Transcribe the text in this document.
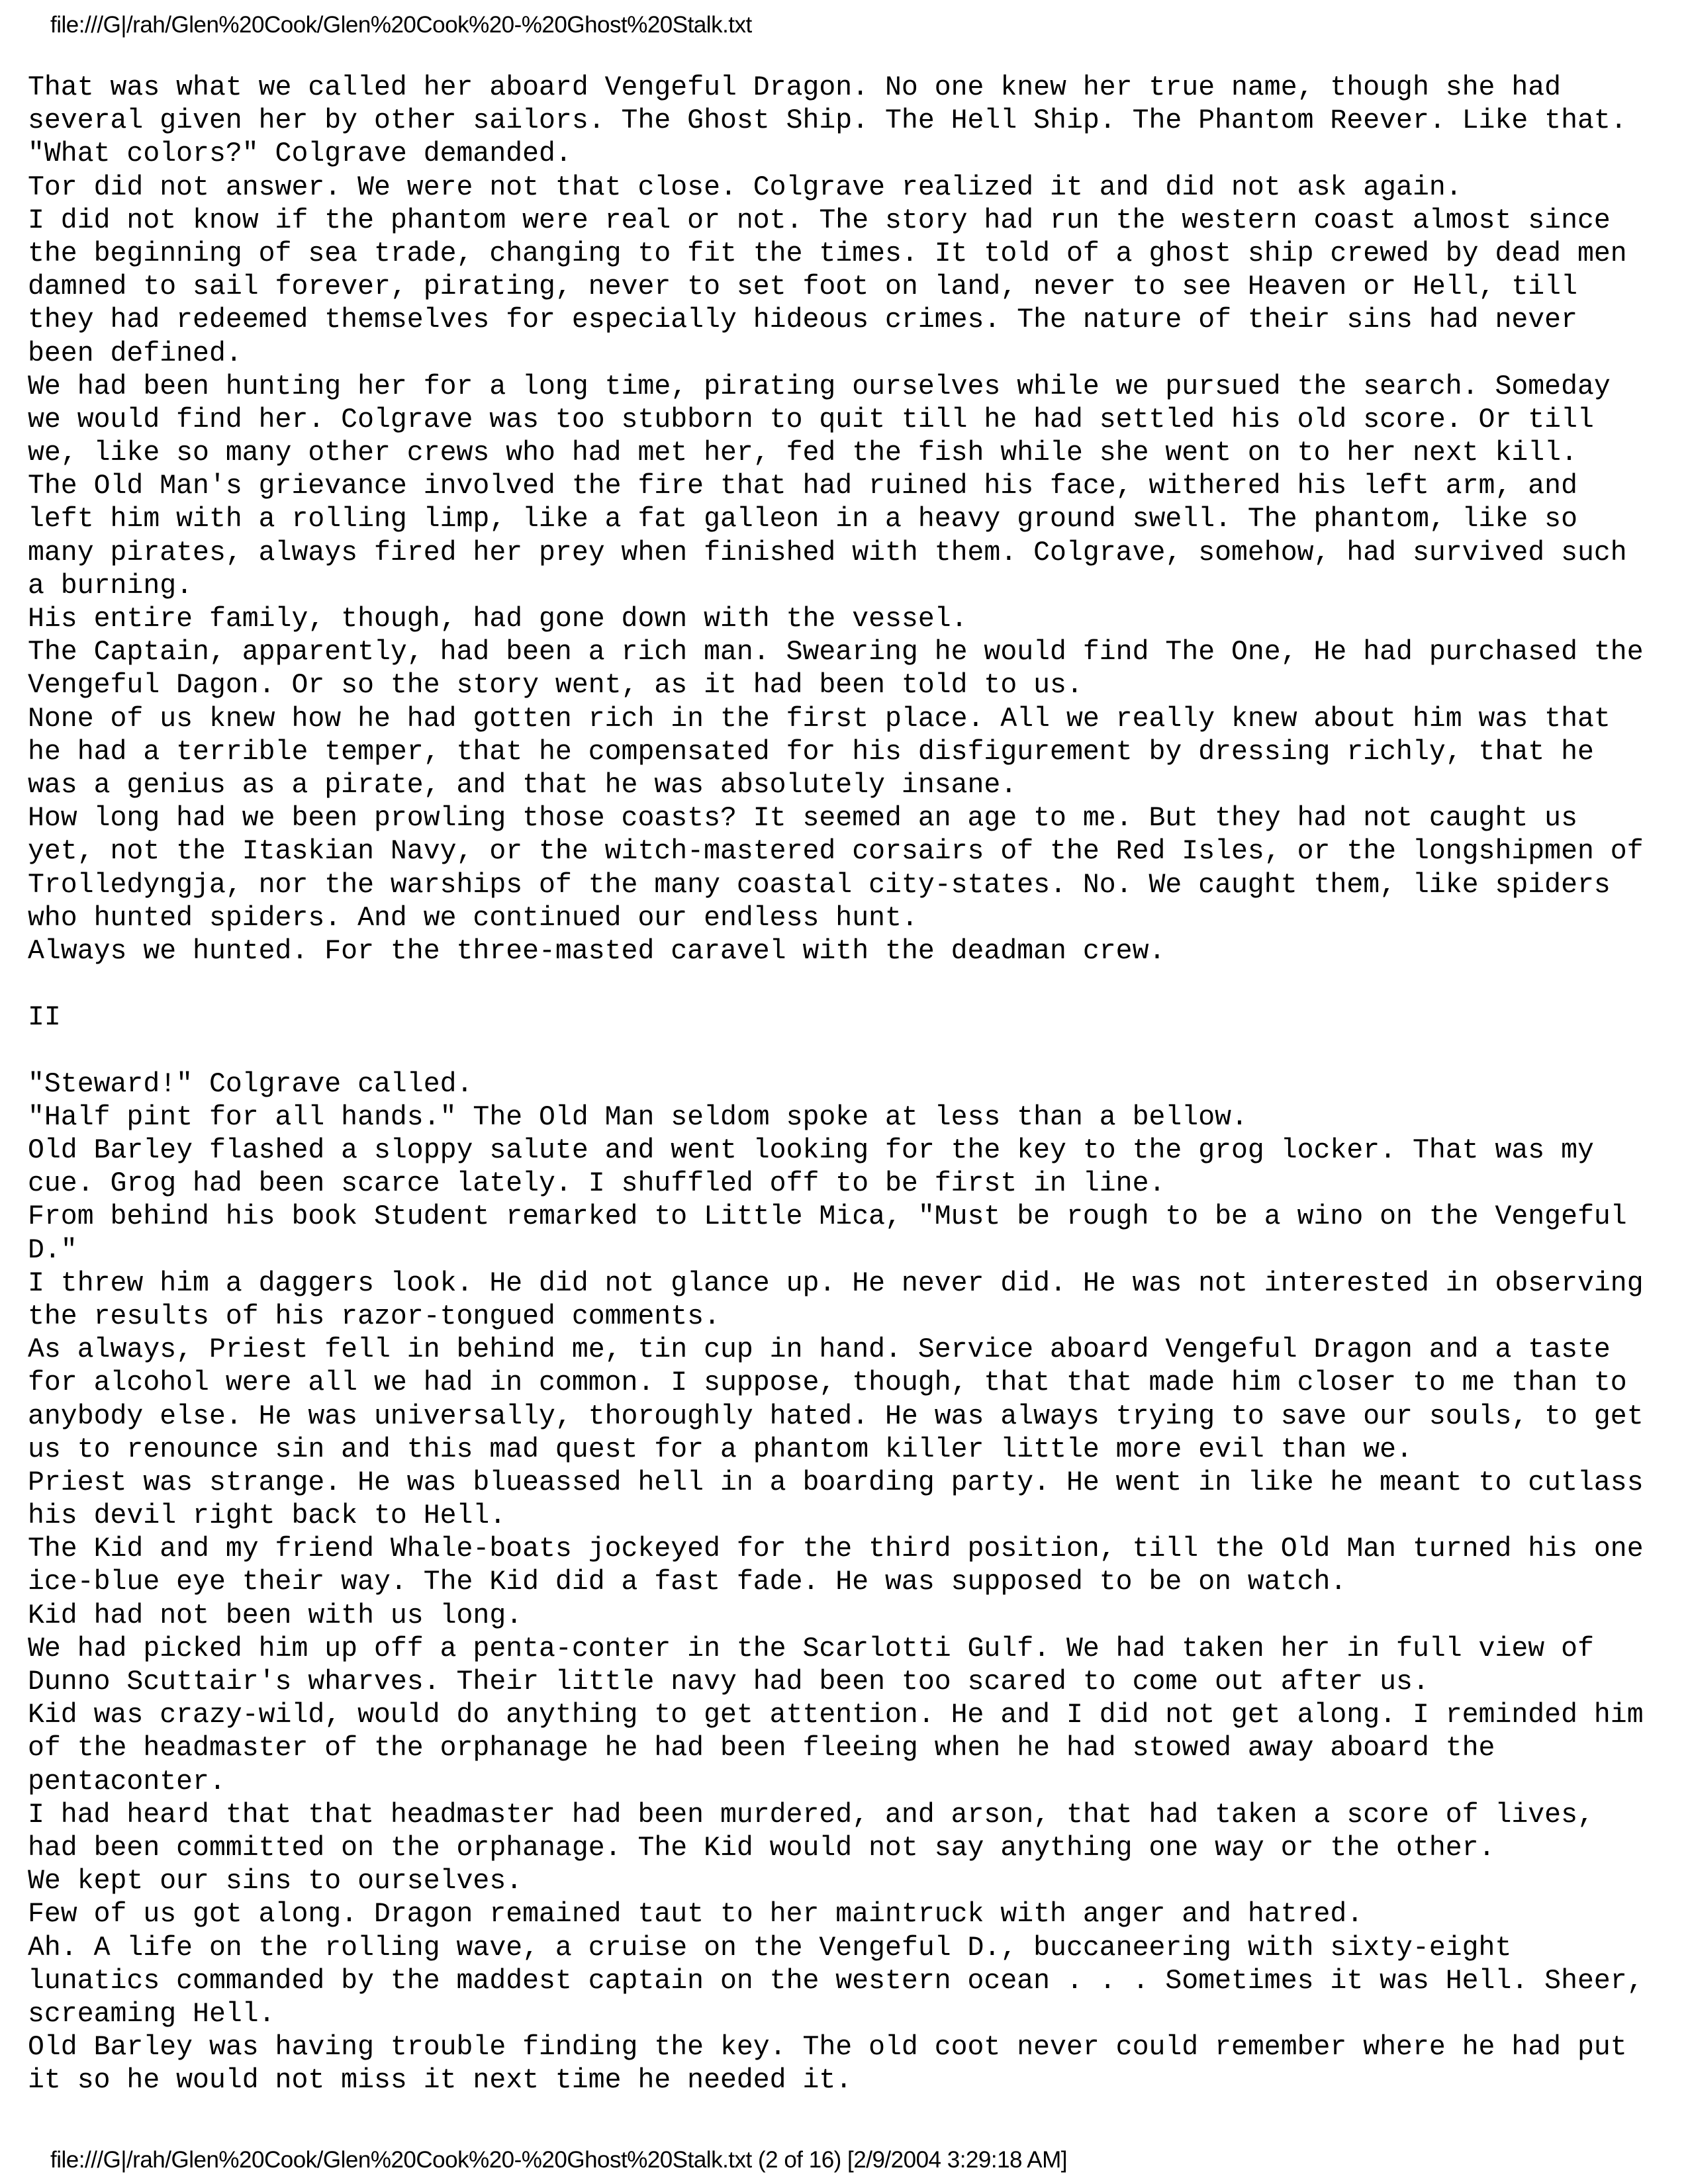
file:///G|/rah/Glen%20Cook/Glen%20Cook%20-%20Ghost%20Stalk.txt
That was what we called her aboard Vengeful Dragon. No one knew her true name, though she had
several given her by other sailors. The Ghost Ship. The Hell Ship. The Phantom Reever. Like that.
"What colors?" Colgrave demanded.
Tor did not answer. We were not that close. Colgrave realized it and did not ask again.
I did not know if the phantom were real or not. The story had run the western coast almost since
the beginning of sea trade, changing to fit the times. It told of a ghost ship crewed by dead men
damned to sail forever, pirating, never to set foot on land, never to see Heaven or Hell, till
they had redeemed themselves for especially hideous crimes. The nature of their sins had never
been defined.
We had been hunting her for a long time, pirating ourselves while we pursued the search. Someday
we would find her. Colgrave was too stubborn to quit till he had settled his old score. Or till
we, like so many other crews who had met her, fed the fish while she went on to her next kill.
The Old Man's grievance involved the fire that had ruined his face, withered his left arm, and
left him with a rolling limp, like a fat galleon in a heavy ground swell. The phantom, like so
many pirates, always fired her prey when finished with them. Colgrave, somehow, had survived such
a burning.
His entire family, though, had gone down with the vessel.
The Captain, apparently, had been a rich man. Swearing he would find The One, He had purchased the
Vengeful Dagon. Or so the story went, as it had been told to us.
None of us knew how he had gotten rich in the first place. All we really knew about him was that
he had a terrible temper, that he compensated for his disfigurement by dressing richly, that he
was a genius as a pirate, and that he was absolutely insane.
How long had we been prowling those coasts? It seemed an age to me. But they had not caught us
yet, not the Itaskian Navy, or the witch-mastered corsairs of the Red Isles, or the longshipmen of
Trolledyngja, nor the warships of the many coastal city-states. No. We caught them, like spiders
who hunted spiders. And we continued our endless hunt.
Always we hunted. For the three-masted caravel with the deadman crew.
II
"Steward!" Colgrave called.
"Half pint for all hands." The Old Man seldom spoke at less than a bellow.
Old Barley flashed a sloppy salute and went looking for the key to the grog locker. That was my
cue. Grog had been scarce lately. I shuffled off to be first in line.
From behind his book Student remarked to Little Mica, "Must be rough to be a wino on the Vengeful
D."
I threw him a daggers look. He did not glance up. He never did. He was not interested in observing
the results of his razor-tongued comments.
As always, Priest fell in behind me, tin cup in hand. Service aboard Vengeful Dragon and a taste
for alcohol were all we had in common. I suppose, though, that that made him closer to me than to
anybody else. He was universally, thoroughly hated. He was always trying to save our souls, to get
us to renounce sin and this mad quest for a phantom killer little more evil than we.
Priest was strange. He was blueassed hell in a boarding party. He went in like he meant to cutlass
his devil right back to Hell.
The Kid and my friend Whale-boats jockeyed for the third position, till the Old Man turned his one
ice-blue eye their way. The Kid did a fast fade. He was supposed to be on watch.
Kid had not been with us long.
We had picked him up off a penta-conter in the Scarlotti Gulf. We had taken her in full view of
Dunno Scuttair's wharves. Their little navy had been too scared to come out after us.
Kid was crazy-wild, would do anything to get attention. He and I did not get along. I reminded him
of the headmaster of the orphanage he had been fleeing when he had stowed away aboard the
pentaconter.
I had heard that that headmaster had been murdered, and arson, that had taken a score of lives,
had been committed on the orphanage. The Kid would not say anything one way or the other.
We kept our sins to ourselves.
Few of us got along. Dragon remained taut to her maintruck with anger and hatred.
Ah. A life on the rolling wave, a cruise on the Vengeful D., buccaneering with sixty-eight
lunatics commanded by the maddest captain on the western ocean . . . Sometimes it was Hell. Sheer,
screaming Hell.
Old Barley was having trouble finding the key. The old coot never could remember where he had put
it so he would not miss it next time he needed it.
file:///G|/rah/Glen%20Cook/Glen%20Cook%20-%20Ghost%20Stalk.txt (2 of 16) [2/9/2004 3:29:18 AM]
